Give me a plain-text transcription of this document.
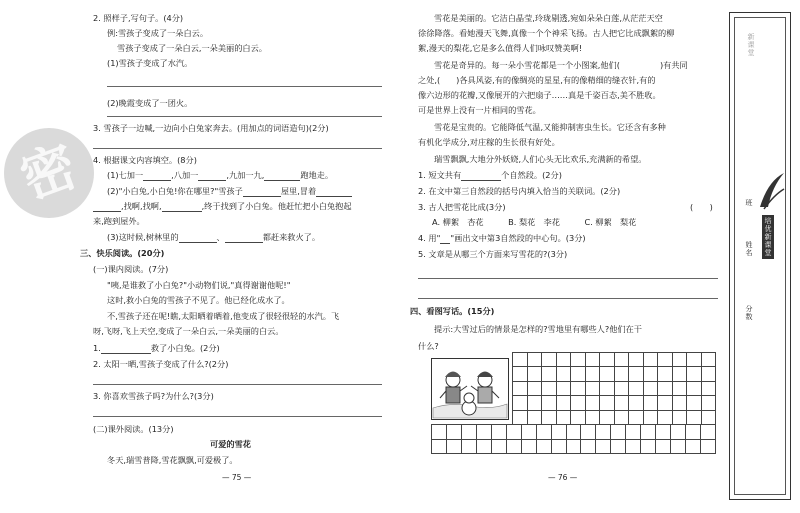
密
2. 照样子,写句子。(4分)
例:雪孩子变成了一朵白云。
雪孩子变成了一朵白云,一朵美丽的白云。
(1)雪孩子变成了水汽。
(2)晚霞变成了一团火。
3. 雪孩子一边喊,一边向小白兔家奔去。(用加点的词语造句)(2分)
4. 根据课文内容填空。(8分)
(1)七加一	,八加一	,九加一九,	跑地走。
(2)"小白兔,小白兔!你在哪里?"雪孩子	屋里,冒着
,找啊,找啊,	,终于找到了小白兔。他赶忙把小白兔抱起
来,跑到屋外。
(3)这时候,树林里的	、	都赶来救火了。
三、快乐阅读。(20分)
(一)课内阅读。(7分)
"咦,是谁救了小白兔?"小动物们说,"真得谢谢他呢!"
这时,救小白兔的雪孩子不见了。他已经化成水了。
不,雪孩子还在呢!瞧,太阳晒着晒着,他变成了很轻很轻的水汽。飞
呀,飞呀,飞上天空,变成了一朵白云,一朵美丽的白云。
1.	救了小白兔。(2分)
2. 太阳一晒,雪孩子变成了什么?(2分)
3. 你喜欢雪孩子吗?为什么?(3分)
(二)课外阅读。(13分)
可爱的雪花
冬天,瑞雪普降,雪花飘飘,可爱极了。
— 75 —
雪花是美丽的。它洁白晶莹,玲珑剔透,宛如朵朵白莲,从茫茫天空
徐徐降落。看她漫天飞舞,真像一个个神采飞扬。古人把它比成飘絮的柳
絮,漫天的梨花,它是多么值得人们咏叹赞美啊!
雪花是奇异的。每一朵小雪花都是一个小图案,他们(	)有共同
之处,( )各具风姿,有的像绸亮的星星,有的像精细的缝衣针,有的
像六边形的花瓣,又像展开的六把扇子……真是千姿百态,美不胜收。
可是世界上没有一片相同的雪花。
雪花是宝贵的。它能降低气温,又能抑制害虫生长。它还含有多种
有机化学成分,对庄稼的生长很有好处。
瑞雪飘飘,大地分外妖娆,人们心头无比欢乐,充满新的希望。
1. 短文共有	个自然段。(2分)
2. 在文中第三自然段的括号内填入恰当的关联词。(2分)
3. 古人把雪花比成(3分)	(　　)
A. 柳絮　杏花　　　B. 梨花　李花　　　C. 柳絮　梨花
4. 用" "画出文中第3自然段的中心句。(3分)
5. 文章是从哪三个方面来写雪花的?(3分)
四、看图写话。(15分)
提示:大雪过后的情景是怎样的?雪地里有哪些人?他们在干
什么?
— 76 —
培优新课堂
班
姓名
分数
新课堂
